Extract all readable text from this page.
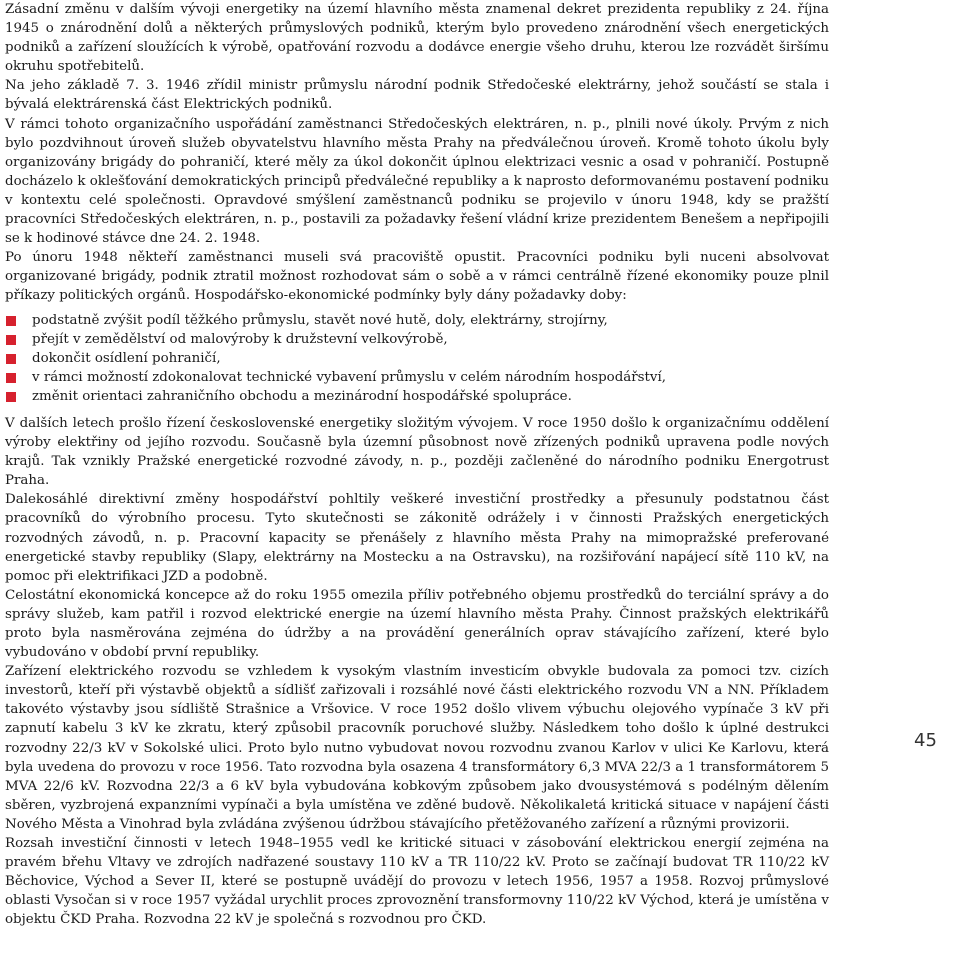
Zásadní změnu v dalším vývoji energetiky na území hlavního města znamenal dekret prezidenta republiky z 24. října 1945 o znárodnění dolů a některých průmyslových podniků, kterým bylo provedeno znárodnění všech energetických podniků a zařízení sloužících k výrobě, opatřování rozvodu a dodávce energie všeho druhu, kterou lze rozvádět širšímu okruhu spotřebitelů.

Na jeho základě 7. 3. 1946 zřídil ministr průmyslu národní podnik Středočeské elektrárny, jehož součástí se stala i bývalá elektrárenská část Elektrických podniků.

V rámci tohoto organizačního uspořádání zaměstnanci Středočeských elektráren, n. p., plnili nové úkoly. Prvým z nich bylo pozdvihnout úroveň služeb obyvatelstvu hlavního města Prahy na předválečnou úroveň. Kromě tohoto úkolu byly organizovány brigády do pohraničí, které měly za úkol dokončit úplnou elektrizaci vesnic a osad v pohraničí. Postupně docházelo k oklešťování demokratických principů předválečné republiky a k naprosto deformovanému postavení podniku v kontextu celé společnosti. Opravdové smýšlení zaměstnanců podniku se projevilo v únoru 1948, kdy se pražští pracovníci Středočeských elektráren, n. p., postavili za požadavky řešení vládní krize prezidentem Benešem a nepřipojili se k hodinové stávce dne 24. 2. 1948.

Po únoru 1948 někteří zaměstnanci museli svá pracoviště opustit. Pracovníci podniku byli nuceni absolvovat organizované brigády, podnik ztratil možnost rozhodovat sám o sobě a v rámci centrálně řízené ekonomiky pouze plnil příkazy politických orgánů. Hospodářsko-ekonomické podmínky byly dány požadavky doby:

podstatně zvýšit podíl těžkého průmyslu, stavět nové hutě, doly, elektrárny, strojírny,
přejít v zemědělství od malovýroby k družstevní velkovýrobě,
dokončit osídlení pohraničí,
v rámci možností zdokonalovat technické vybavení průmyslu v celém národním hospodářství,
změnit orientaci zahraničního obchodu a mezinárodní hospodářské spolupráce.

V dalších letech prošlo řízení československé energetiky složitým vývojem. V roce 1950 došlo k organizačnímu oddělení výroby elektřiny od jejího rozvodu. Současně byla územní působnost nově zřízených podniků upravena podle nových krajů. Tak vznikly Pražské energetické rozvodné závody, n. p., později začleněné do národního podniku Energotrust Praha.

Dalekosáhlé direktivní změny hospodářství pohltily veškeré investiční prostředky a přesunuly podstatnou část pracovníků do výrobního procesu. Tyto skutečnosti se zákonitě odrážely i v činnosti Pražských energetických rozvodných závodů, n. p. Pracovní kapacity se přenášely z hlavního města Prahy na mimopražské preferované energetické stavby republiky (Slapy, elektrárny na Mostecku a na Ostravsku), na rozšiřování napájecí sítě 110 kV, na pomoc při elektrifikaci JZD a podobně.

Celostátní ekonomická koncepce až do roku 1955 omezila příliv potřebného objemu prostředků do terciální správy a do správy služeb, kam patřil i rozvod elektrické energie na území hlavního města Prahy. Činnost pražských elektrikářů proto byla nasměrována zejména do údržby a na provádění generálních oprav stávajícího zařízení, které bylo vybudováno v období první republiky.

Zařízení elektrického rozvodu se vzhledem k vysokým vlastním investicím obvykle budovala za pomoci tzv. cizích investorů, kteří při výstavbě objektů a sídlišť zařizovali i rozsáhlé nové části elektrického rozvodu VN a NN. Příkladem takovéto výstavby jsou sídliště Strašnice a Vršovice. V roce 1952 došlo vlivem výbuchu olejového vypínače 3 kV při zapnutí kabelu 3 kV ke zkratu, který způsobil pracovník poruchové služby. Následkem toho došlo k úplné destrukci rozvodny 22/3 kV v Sokolské ulici. Proto bylo nutno vybudovat novou rozvodnu zvanou Karlov v ulici Ke Karlovu, která byla uvedena do provozu v roce 1956. Tato rozvodna byla osazena 4 transformátory 6,3 MVA 22/3 a 1 transformátorem 5 MVA 22/6 kV. Rozvodna 22/3 a 6 kV byla vybudována kobkovým způsobem jako dvousystémová s podélným dělením sběren, vyzbrojená expanzními vypínači a byla umístěna ve zděné budově. Několikaletá kritická situace v napájení části Nového Města a Vinohrad byla zvládána zvýšenou údržbou stávajícího přetěžovaného zařízení a různými provizorii.

Rozsah investiční činnosti v letech 1948–1955 vedl ke kritické situaci v zásobování elektrickou energií zejména na pravém břehu Vltavy ve zdrojích nadřazené soustavy 110 kV a TR 110/22 kV. Proto se začínají budovat TR 110/22 kV Běchovice, Východ a Sever II, které se postupně uvádějí do provozu v letech 1956, 1957 a 1958. Rozvoj průmyslové oblasti Vysočan si v roce 1957 vyžádal urychlit proces zprovoznění transformovny 110/22 kV Východ, která je umístěna v objektu ČKD Praha. Rozvodna 22 kV je společná s rozvodnou pro ČKD.

45
